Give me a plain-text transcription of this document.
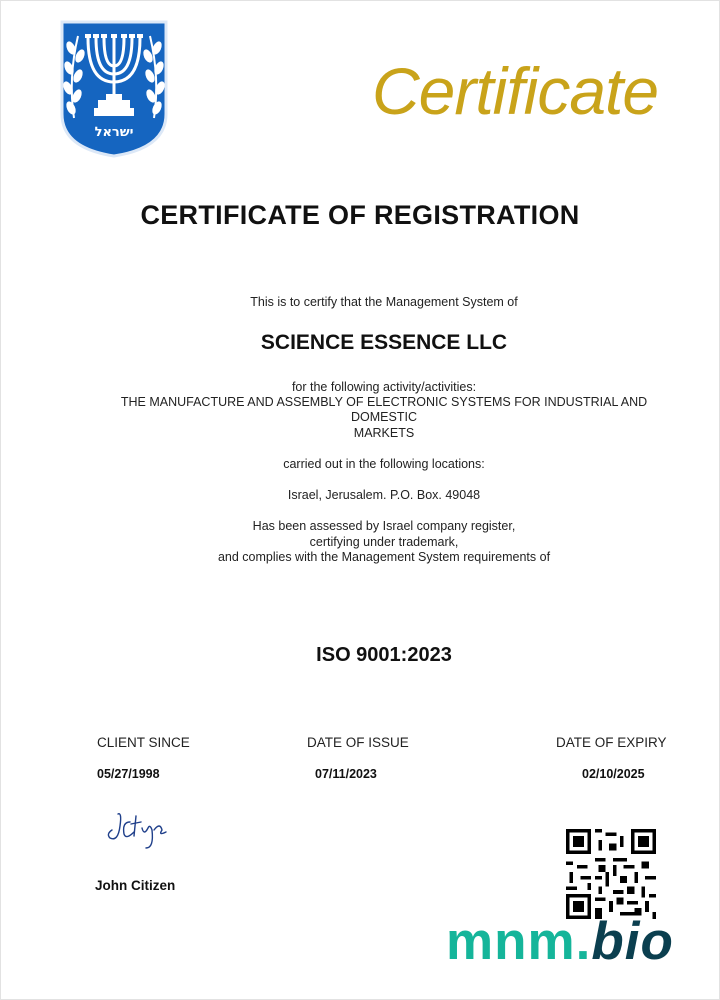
ישראל
Certificate
CERTIFICATE OF REGISTRATION
This is to certify that the Management System of
SCIENCE ESSENCE LLC
for the following activity/activities:
THE MANUFACTURE AND ASSEMBLY OF ELECTRONIC SYSTEMS FOR INDUSTRIAL AND
DOMESTIC
MARKETS
carried out in the following locations:
Israel, Jerusalem. P.O. Box. 49048
Has been assessed by Israel company register,
certifying under trademark,
and complies with the Management System requirements of
ISO 9001:2023
CLIENT SINCE	DATE OF ISSUE	DATE OF EXPIRY
05/27/1998	07/11/2023	02/10/2025
John Citizen
mnm.bio
